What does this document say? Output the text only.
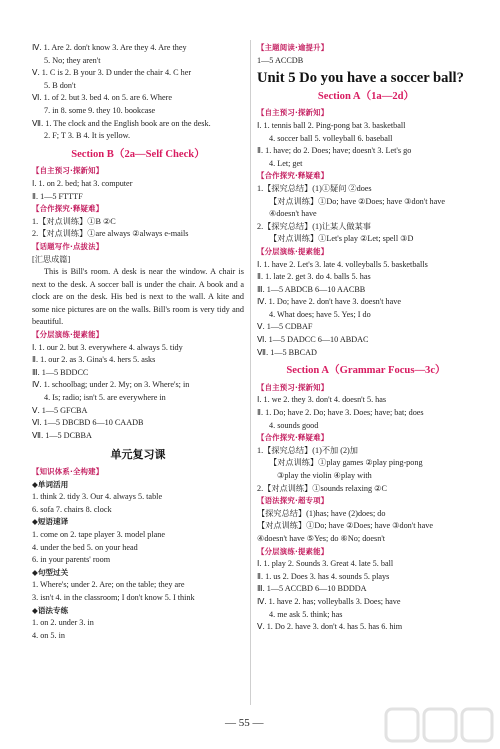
Ⅳ. 1. Are 2. don't know 3. Are they 4. Are they
5. No; they aren't
Ⅴ. 1. C is 2. B your 3. D under the chair 4. C her
5. B don't
Ⅵ. 1. of 2. but 3. bed 4. on 5. are 6. Where
7. in 8. some 9. they 10. bookcase
Ⅶ. 1. The clock and the English book are on the desk.
2. F; T 3. B 4. It is yellow.
Section B（2a—Self Check）
【自主预习·探新知】
Ⅰ. 1. on 2. bed; hat 3. computer
Ⅱ. 1—5 FTTTF
【合作探究·释疑难】
1.【对点训练】①B ②C
2.【对点训练】①are always ②always e-mails
【话题写作·点拔法】
[汇思成篇]
This is Bill's room. A desk is near the window. A chair is next to the desk. A soccer ball is under the chair. A book and a clock are on the desk. His bed is next to the wall. A kite and some nice pictures are on the walls. Bill's room is very tidy and beautiful.
【分层演练·提素能】
Ⅰ. 1. our 2. but 3. everywhere 4. always 5. tidy
Ⅱ. 1. our 2. as 3. Gina's 4. hers 5. asks
Ⅲ. 1—5 BDDCC
Ⅳ. 1. schoolbag; under 2. My; on 3. Where's; in
4. Is; radio; isn't 5. are everywhere in
Ⅴ. 1—5 GFCBA
Ⅵ. 1—5 DBCBD 6—10 CAADB
Ⅶ. 1—5 DCBBA
单元复习课
【知识体系·全构建】
◆单词活用
1. think 2. tidy 3. Our 4. always 5. table
6. sofa 7. chairs 8. clock
◆短语速译
1. come on 2. tape player 3. model plane
4. under the bed 5. on your head
6. in your parents' room
◆句型过关
1. Where's; under 2. Are; on the table; they are
3. isn't 4. in the classroom; I don't know 5. I think
◆语法专练
1. on 2. under 3. in
4. on 5. in
【主题阅读·逾提升】
1—5 ACCDB
Unit 5 Do you have a soccer ball?
Section A（1a—2d）
【自主预习·探新知】
Ⅰ. 1. tennis ball 2. Ping-pong bat 3. basketball
4. soccer ball 5. volleyball 6. baseball
Ⅱ. 1. have; do 2. Does; have; doesn't 3. Let's go
4. Let; get
【合作探究·释疑难】
1.【探究总结】(1)①疑问 ②does
【对点训练】①Do; have ②Does; have ③don't have
④doesn't have
2.【探究总结】(1)让某人做某事
【对点训练】①Let's play ②Let; spell ③D
【分层演练·提素能】
Ⅰ. 1. have 2. Let's 3. late 4. volleyballs 5. basketballs
Ⅱ. 1. late 2. get 3. do 4. balls 5. has
Ⅲ. 1—5 ABDCB 6—10 AACBB
Ⅳ. 1. Do; have 2. don't have 3. doesn't have
4. What does; have 5. Yes; I do
Ⅴ. 1—5 CDBAF
Ⅵ. 1—5 DADCC 6—10 ABDAC
Ⅶ. 1—5 BBCAD
Section A（Grammar Focus—3c）
【自主预习·探新知】
Ⅰ. 1. we 2. they 3. don't 4. doesn't 5. has
Ⅱ. 1. Do; have 2. Do; have 3. Does; have; bat; does
4. sounds good
【合作探究·释疑难】
1.【探究总结】(1)不加 (2)加
【对点训练】①play games ②play ping-pong
③play the violin ④play with
2.【对点训练】①sounds relaxing ②C
【语法探究·超专项】
【探究总结】(1)has; have (2)does; do
【对点训练】①Do; have ②Does; have ③don't have
④doesn't have ⑤Yes; do ⑥No; doesn't
【分层演练·提素能】
Ⅰ. 1. play 2. Sounds 3. Great 4. late 5. ball
Ⅱ. 1. us 2. Does 3. has 4. sounds 5. plays
Ⅲ. 1—5 ACCBD 6—10 BDDDA
Ⅳ. 1. have 2. has; volleyballs 3. Does; have
4. me ask 5. think; has
Ⅴ. 1. Do 2. have 3. don't 4. has 5. has 6. him
— 55 —
